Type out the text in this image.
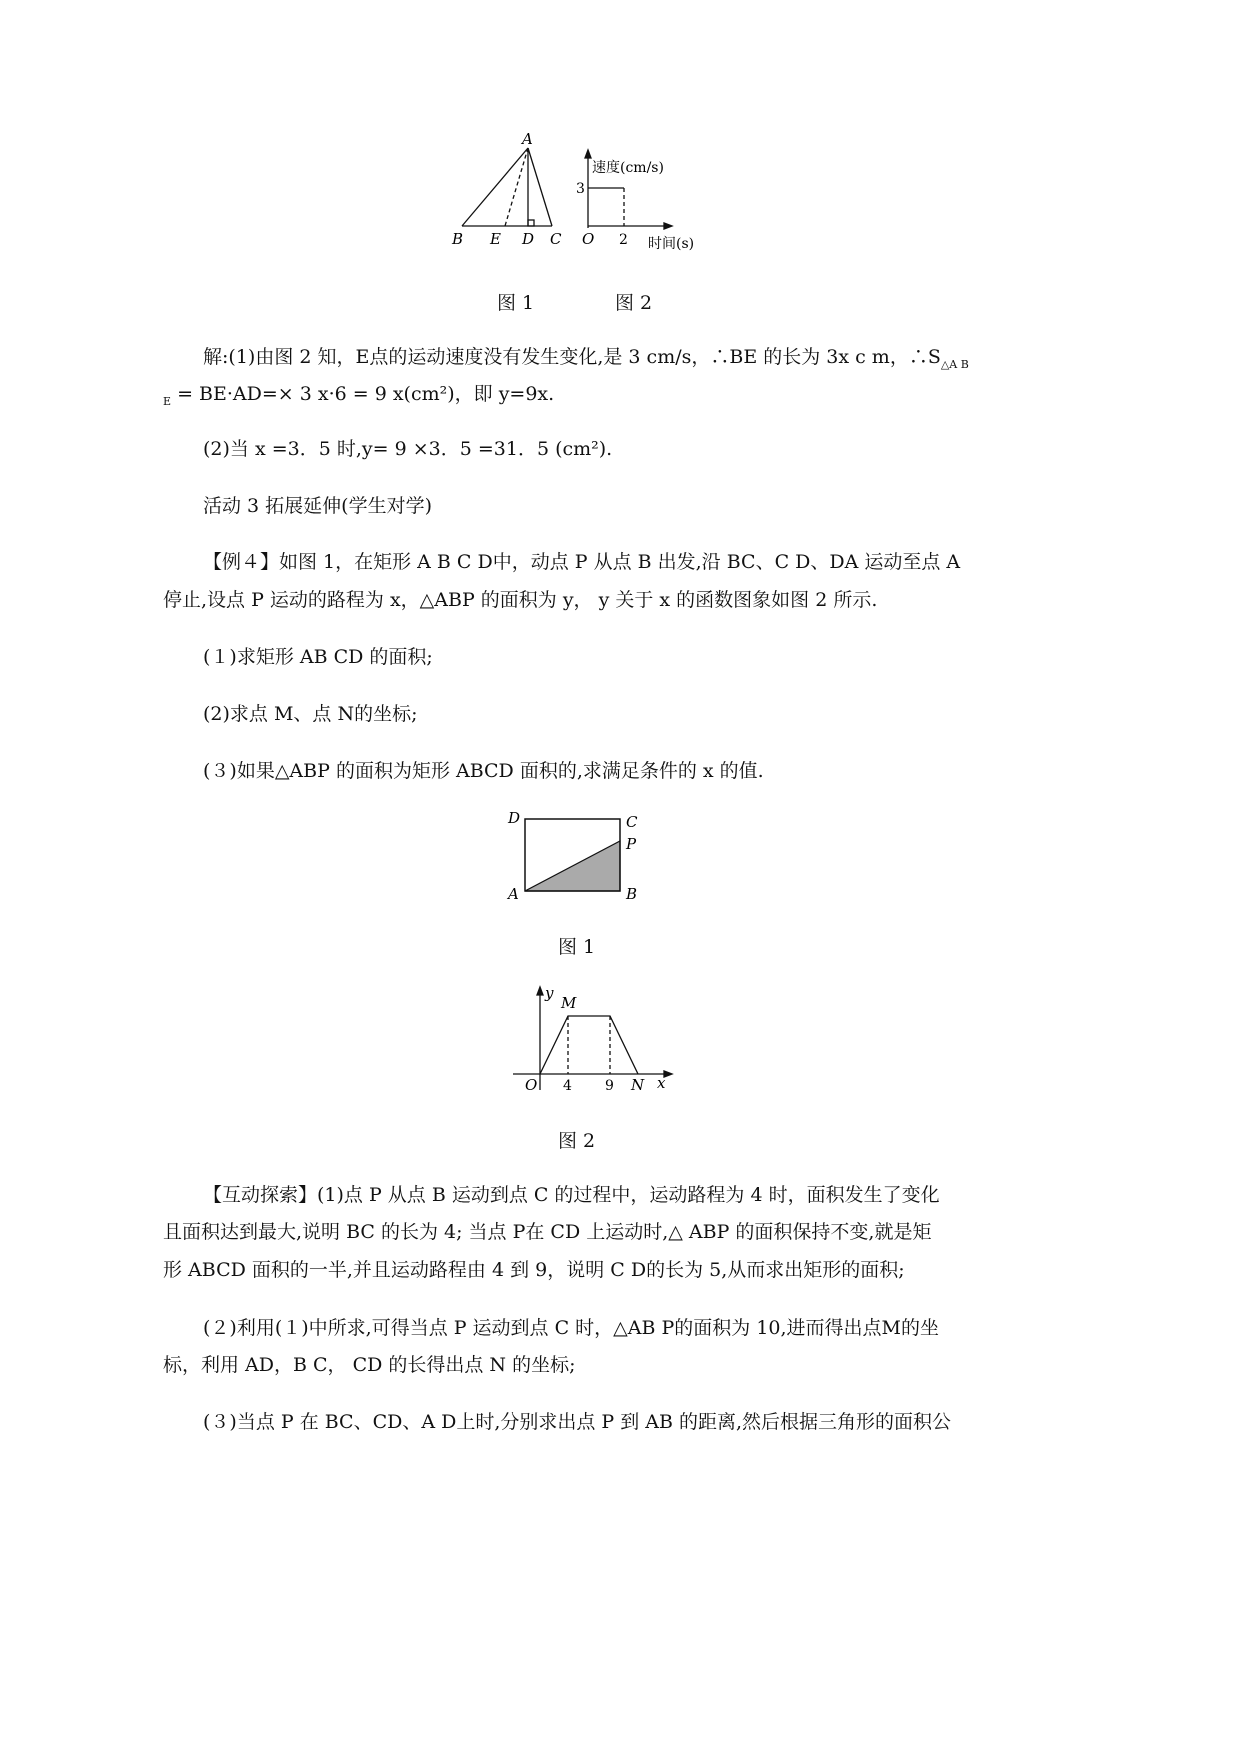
A
B E D C
速度(cm/s)
3
O 2 时间(s)
图 1	图 2
解:(1)由图 2 知，E点的运动速度没有发生变化,是 3 cm/s，∴BE 的长为 3x c m，$\therefore S_{\triangle A B}$
$_E$ = BE·AD=× 3 x·6 = 9 x(cm²)，即 y=9x.
(2)当 x =3．5 时,y= 9 ×3．5 =31．5 (cm²).
活动 3 拓展延伸(学生对学)
【例４】如图 1，在矩形 A B C D中，动点 P 从点 B 出发,沿 BC、C D、DA 运动至点 A
停止,设点 P 运动的路程为 x，△ABP 的面积为 y， y 关于 x 的函数图象如图 2 所示.
(１)求矩形 AB CD 的面积;
(2)求点 M、点 N的坐标;
(３)如果△ABP 的面积为矩形 ABCD 面积的,求满足条件的 x 的值.
D	C
P
A	B
图 1
y
M
O 4 9 N x
图 2
【互动探索】(1)点 P 从点 B 运动到点 C 的过程中，运动路程为 4 时，面积发生了变化
且面积达到最大,说明 BC 的长为 4; 当点 P在 CD 上运动时,△ ABP 的面积保持不变,就是矩
形 ABCD 面积的一半,并且运动路程由 4 到 9，说明 C D的长为 5,从而求出矩形的面积;
(２)利用(１)中所求,可得当点 P 运动到点 C 时，△AB P的面积为 10,进而得出点M的坐
标，利用 AD，B C， CD 的长得出点 N 的坐标;
(３)当点 P 在 BC、CD、A D上时,分别求出点 P 到 AB 的距离,然后根据三角形的面积公
